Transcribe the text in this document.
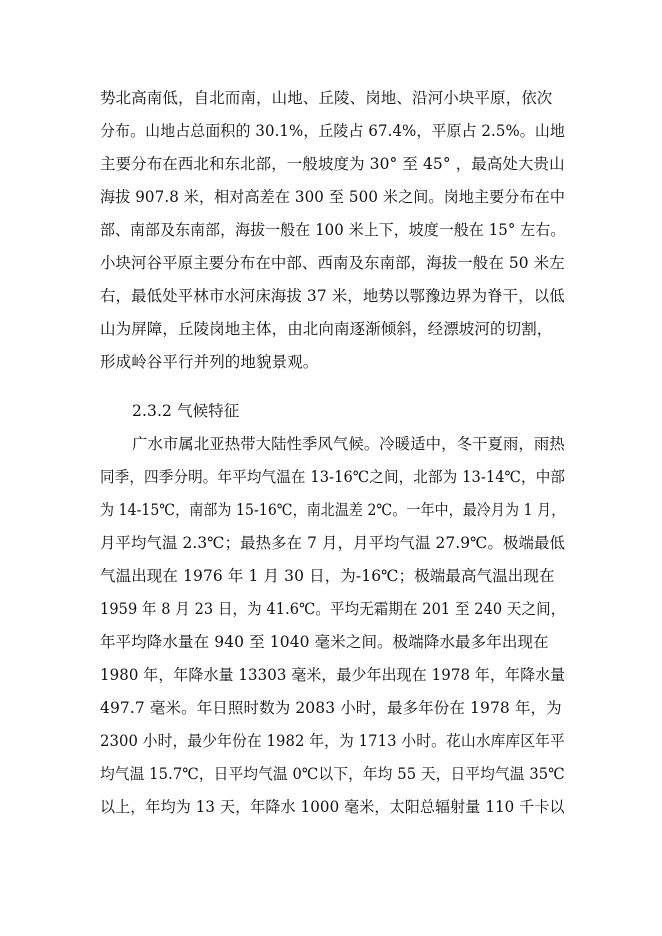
势北高南低，自北而南，山地、丘陵、岗地、沿河小块平原，依次
分布。山地占总面积的 30.1%，丘陵占 67.4%，平原占 2.5%。山地
主要分布在西北和东北部，一般坡度为 30° 至 45° ，最高处大贵山
海拔 907.8 米，相对高差在 300 至 500 米之间。岗地主要分布在中
部、南部及东南部，海拔一般在 100 米上下，坡度一般在 15° 左右。
小块河谷平原主要分布在中部、西南及东南部，海拔一般在 50 米左
右，最低处平林市水河床海拔 37 米，地势以鄂豫边界为脊干，以低
山为屏障，丘陵岗地主体，由北向南逐渐倾斜，经漂坡河的切割，
形成岭谷平行并列的地貌景观。
2.3.2 气候特征
广水市属北亚热带大陆性季风气候。冷暖适中，冬干夏雨，雨热
同季，四季分明。年平均气温在 13-16℃之间，北部为 13-14℃，中部
为 14-15℃，南部为 15-16℃，南北温差 2℃。一年中，最冷月为 1 月，
月平均气温 2.3℃；最热多在 7 月，月平均气温 27.9℃。极端最低
气温出现在 1976 年 1 月 30 日，为-16℃；极端最高气温出现在
1959 年 8 月 23 日，为 41.6℃。平均无霜期在 201 至 240 天之间，
年平均降水量在 940 至 1040 毫米之间。极端降水最多年出现在
1980 年，年降水量 13303 毫米，最少年出现在 1978 年，年降水量
497.7 毫米。年日照时数为 2083 小时，最多年份在 1978 年，为
2300 小时，最少年份在 1982 年，为 1713 小时。花山水库库区年平
均气温 15.7℃，日平均气温 0℃以下，年均 55 天，日平均气温 35℃
以上，年均为 13 天，年降水 1000 毫米，太阳总辐射量 110 千卡以
